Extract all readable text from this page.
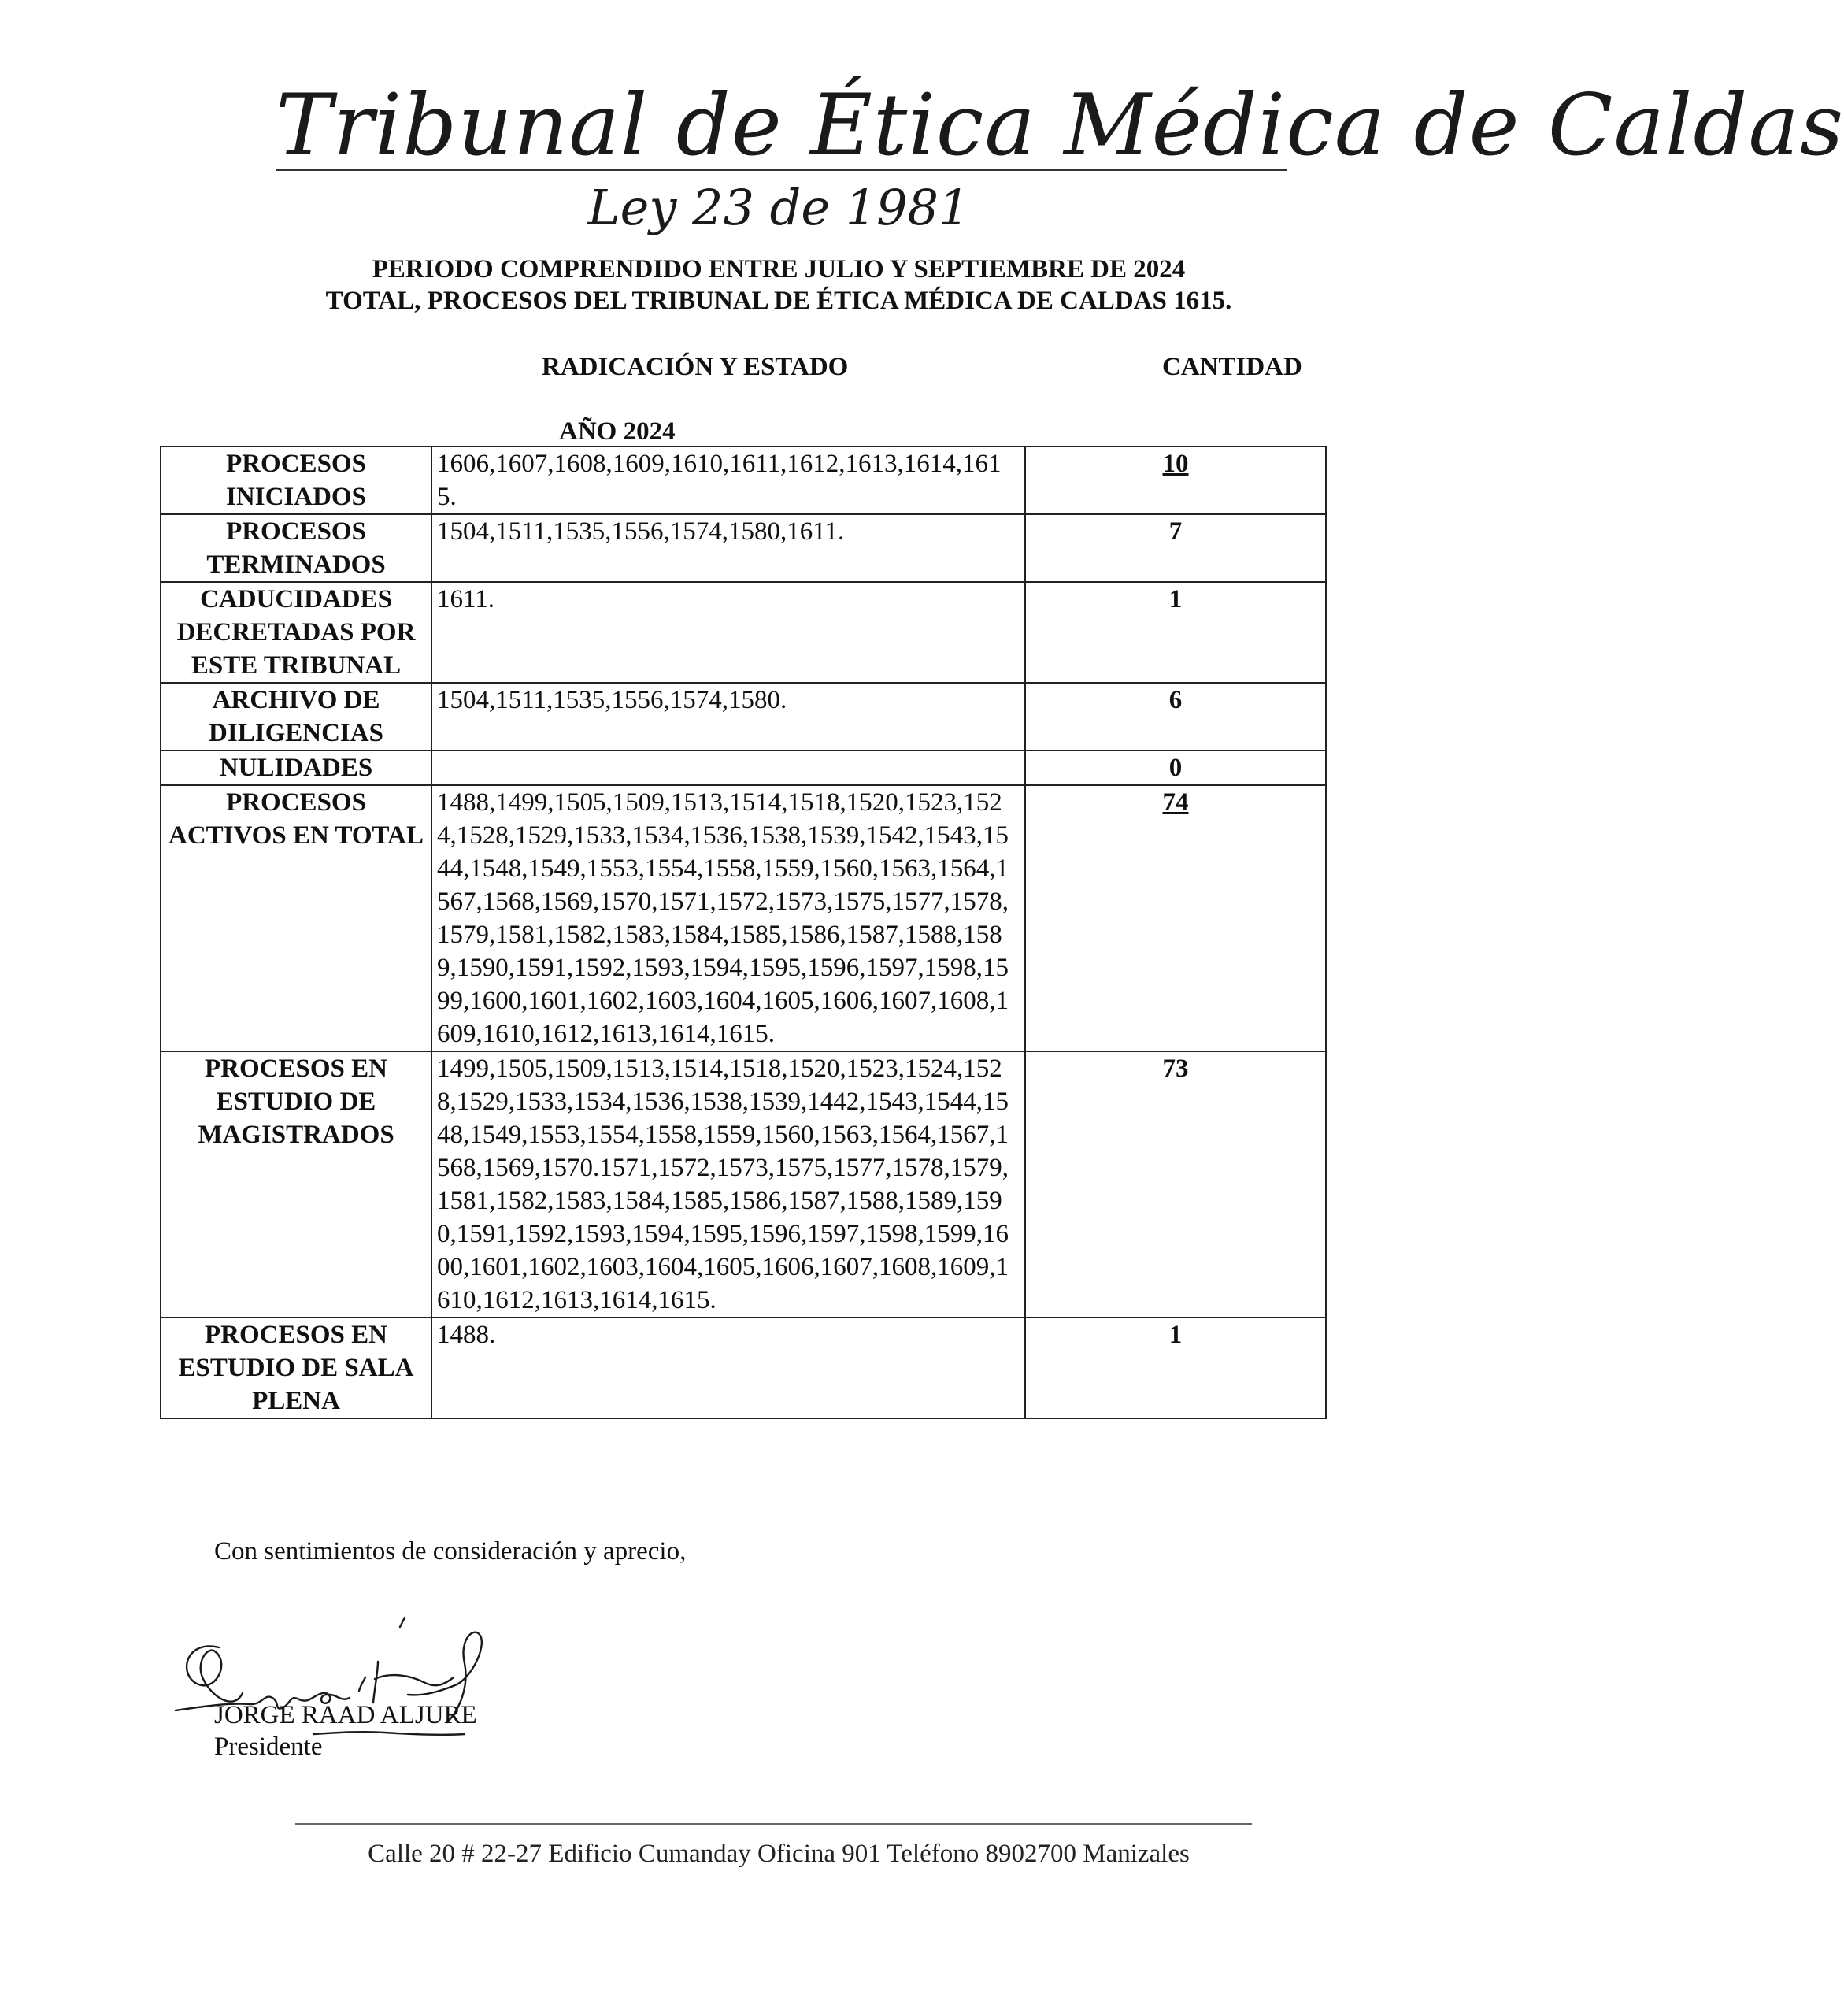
Tribunal de Ética Médica de Caldas
Ley 23 de 1981
PERIODO COMPRENDIDO ENTRE JULIO Y SEPTIEMBRE DE 2024
TOTAL, PROCESOS DEL TRIBUNAL DE ÉTICA MÉDICA DE CALDAS 1615.
RADICACIÓN Y ESTADO	CANTIDAD
AÑO 2024
PROCESOS INICIADOS	1606,1607,1608,1609,1610,1611,1612,1613,1614,1615.	10
PROCESOS TERMINADOS	1504,1511,1535,1556,1574,1580,1611.	7
CADUCIDADES DECRETADAS POR ESTE TRIBUNAL	1611.	1
ARCHIVO DE DILIGENCIAS	1504,1511,1535,1556,1574,1580.	6
NULIDADES		0
PROCESOS ACTIVOS EN TOTAL	1488,1499,1505,1509,1513,1514,1518,1520,1523,1524,1528,1529,1533,1534,1536,1538,1539,1542,1543,1544,1548,1549,1553,1554,1558,1559,1560,1563,1564,1567,1568,1569,1570,1571,1572,1573,1575,1577,1578,1579,1581,1582,1583,1584,1585,1586,1587,1588,1589,1590,1591,1592,1593,1594,1595,1596,1597,1598,1599,1600,1601,1602,1603,1604,1605,1606,1607,1608,1609,1610,1612,1613,1614,1615.	74
PROCESOS EN ESTUDIO DE MAGISTRADOS	1499,1505,1509,1513,1514,1518,1520,1523,1524,1528,1529,1533,1534,1536,1538,1539,1442,1543,1544,1548,1549,1553,1554,1558,1559,1560,1563,1564,1567,1568,1569,1570.1571,1572,1573,1575,1577,1578,1579,1581,1582,1583,1584,1585,1586,1587,1588,1589,1590,1591,1592,1593,1594,1595,1596,1597,1598,1599,1600,1601,1602,1603,1604,1605,1606,1607,1608,1609,1610,1612,1613,1614,1615.	73
PROCESOS EN ESTUDIO DE SALA PLENA	1488.	1
Con sentimientos de consideración y aprecio,
JORGE RAAD ALJURE
Presidente
Calle 20 # 22-27 Edificio Cumanday Oficina 901 Teléfono 8902700 Manizales
